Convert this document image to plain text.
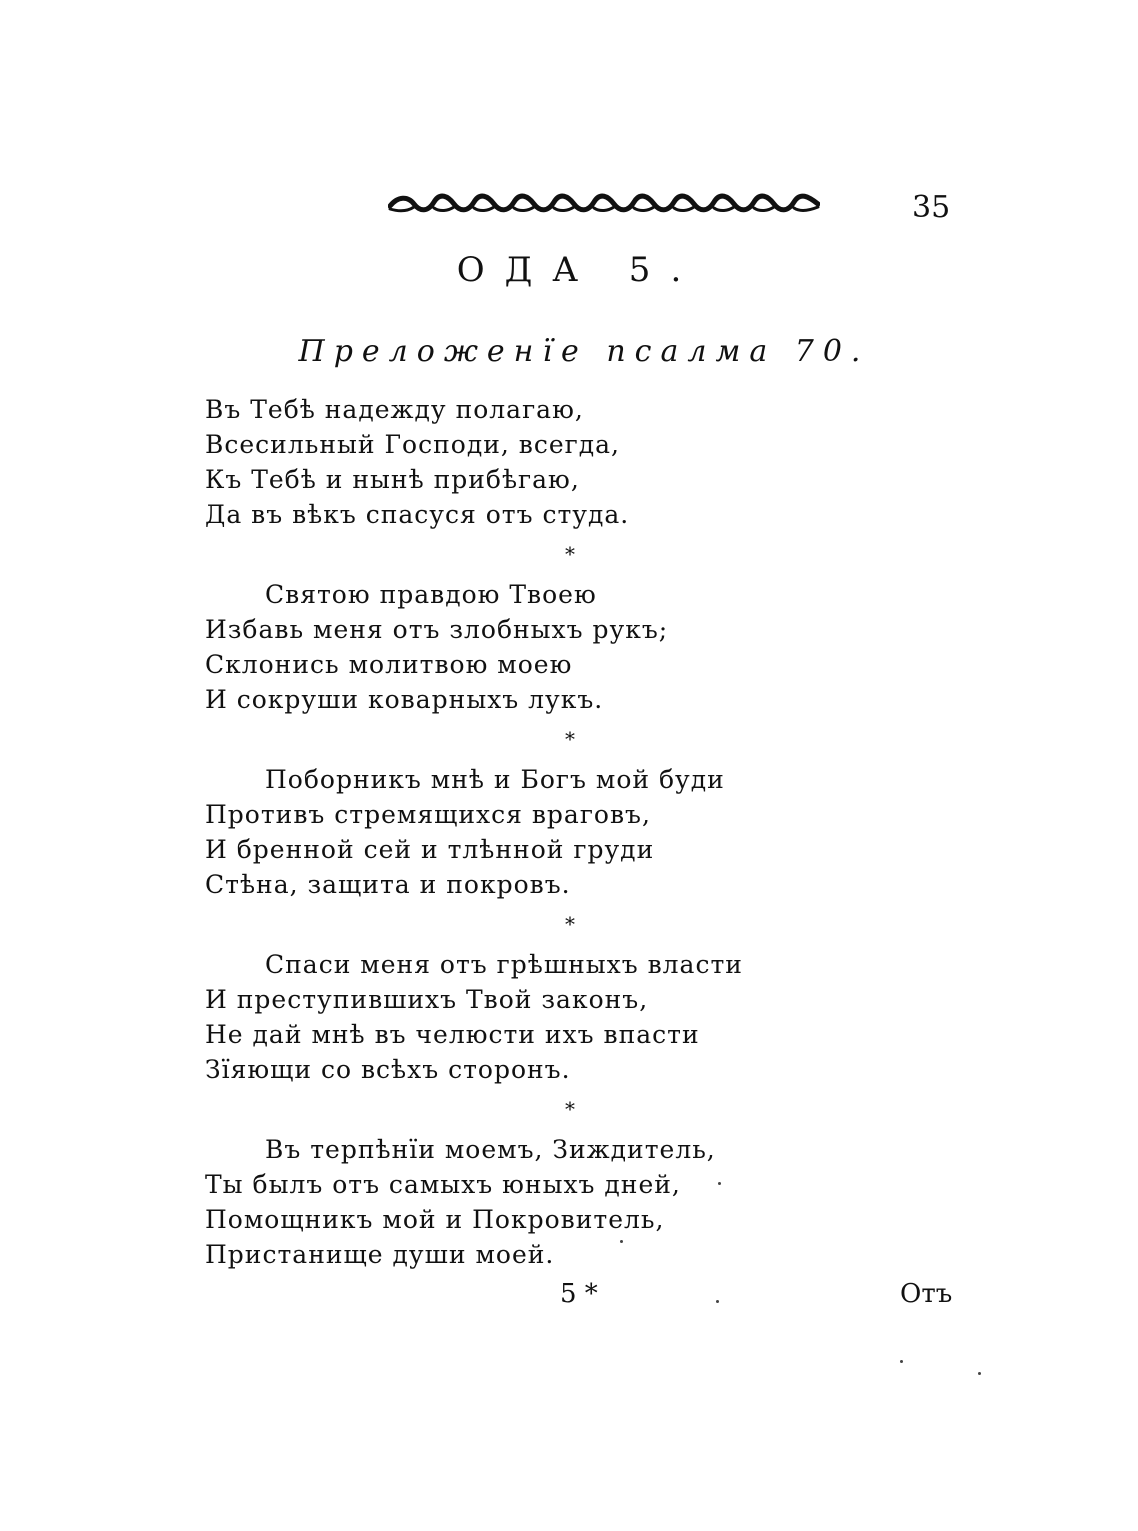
35
ОДА 5.
Преложенїе псалма 70.
Въ Тебѣ надежду полагаю,
Всесильный Господи, всегда,
Къ Тебѣ и нынѣ прибѣгаю,
Да въ вѣкъ спасуся отъ студа.
*
Святою правдою Твоею
Избавь меня отъ злобныхъ рукъ;
Склонись молитвою моею
И сокруши коварныхъ лукъ.
*
Поборникъ мнѣ и Богъ мой буди
Противъ стремящихся враговъ,
И бренной сей и тлѣнной груди
Стѣна, защита и покровъ.
*
Спаси меня отъ грѣшныхъ власти
И преступившихъ Твой законъ,
Не дай мнѣ въ челюсти ихъ впасти
Зїяющи со всѣхъ сторонъ.
*
Въ терпѣнїи моемъ, Зиждитель,
Ты былъ отъ самыхъ юныхъ дней,
Помощникъ мой и Покровитель,
Пристанище души моей.
5 *	Отъ
